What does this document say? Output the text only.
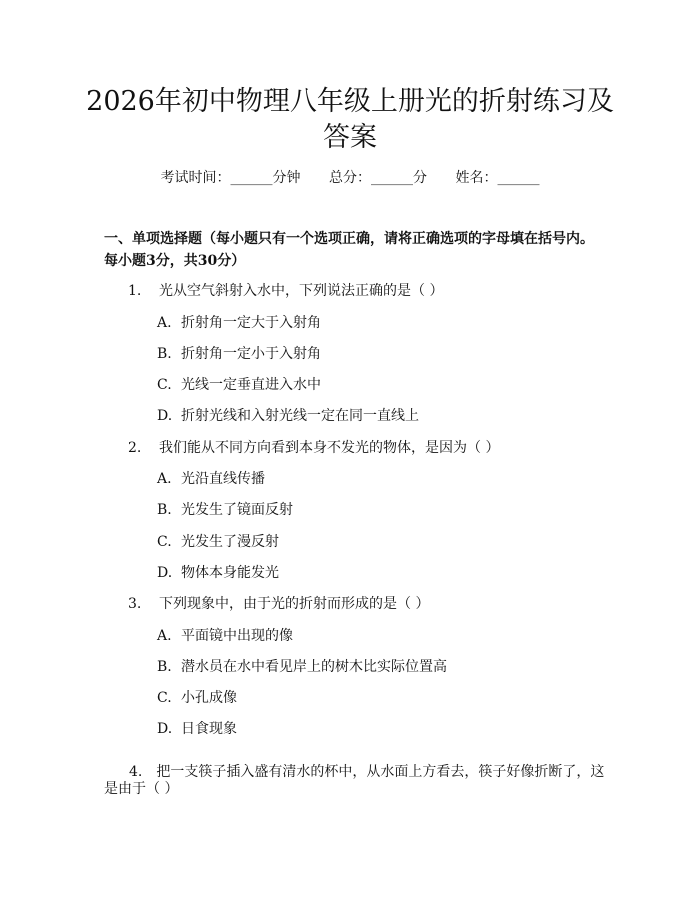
2026年初中物理八年级上册光的折射练习及
答案
考试时间：______分钟 总分：______分 姓名：______
一、单项选择题（每小题只有一个选项正确，请将正确选项的字母填在括号内。
每小题3分，共30分）
1. 光从空气斜射入水中，下列说法正确的是（ ）
A. 折射角一定大于入射角
B. 折射角一定小于入射角
C. 光线一定垂直进入水中
D. 折射光线和入射光线一定在同一直线上
2. 我们能从不同方向看到本身不发光的物体，是因为（ ）
A. 光沿直线传播
B. 光发生了镜面反射
C. 光发生了漫反射
D. 物体本身能发光
3. 下列现象中，由于光的折射而形成的是（ ）
A. 平面镜中出现的像
B. 潜水员在水中看见岸上的树木比实际位置高
C. 小孔成像
D. 日食现象
4. 把一支筷子插入盛有清水的杯中，从水面上方看去，筷子好像折断了，这
是由于（ ）
